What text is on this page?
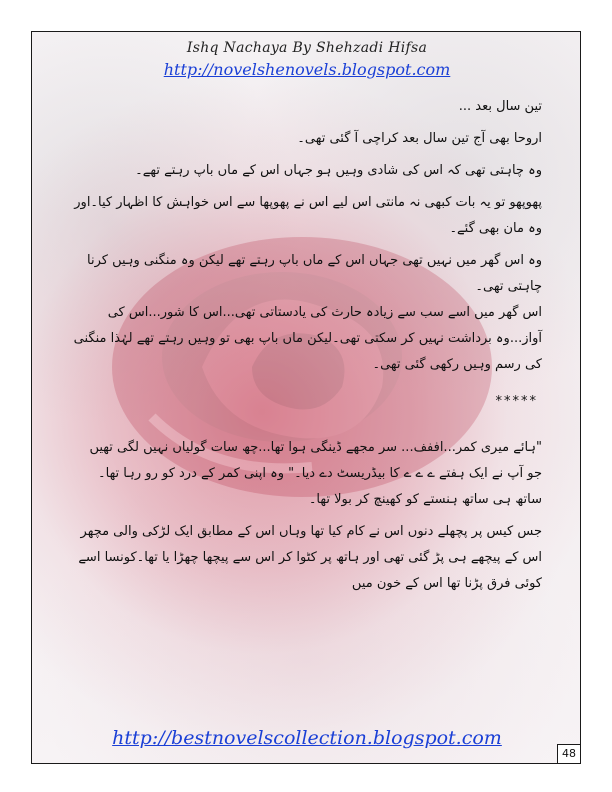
Ishq Nachaya By Shehzadi Hifsa
http://novelshenovels.blogspot.com

تین سال بعد ...

اروحا بھی آج تین سال بعد کراچی آ گئی تھی۔

وہ چاہتی تھی کہ اس کی شادی وہیں ہو جہاں اس کے ماں باپ رہتے تھے۔

پھوپھو تو یہ بات کبھی نہ مانتی اس لیے اس نے پھوپھا سے اس خواہش کا اظہار کیا۔اور وہ مان بھی گئے۔

وہ اس گھر میں نہیں تھی جہاں اس کے ماں باپ رہتے تھے لیکن وہ منگنی وہیں کرنا چاہتی تھی۔

اس گھر میں اسے سب سے زیادہ حارث کی یادستاتی تھی...اس کا شور...اس کی آواز...وہ برداشت نہیں کر سکتی تھی۔لیکن ماں باپ بھی تو وہیں رہتے تھے لہٰذا منگنی کی رسم وہیں رکھی گئی تھی۔

*****

"ہائے میری کمر...اففف... سر مجھے ڈینگی ہوا تھا...چھ سات گولیاں نہیں لگی تھیں جو آپ نے ایک ہفتے ے ے ے کا بیڈریسٹ دے دیا۔" وہ اپنی کمر کے درد کو رو رہا تھا۔ساتھ ہی ساتھ ہنستے کو کھینچ کر بولا تھا۔

جس کیس پر پچھلے دنوں اس نے کام کیا تھا وہاں اس کے مطابق ایک لڑکی والی مچھر اس کے پیچھے ہی پڑ گئی تھی اور ہاتھ پر کٹوا کر اس سے پیچھا چھڑا یا تھا۔کونسا اسے کوئی فرق پڑنا تھا اس کے خون میں

http://bestnovelscollection.blogspot.com
48
